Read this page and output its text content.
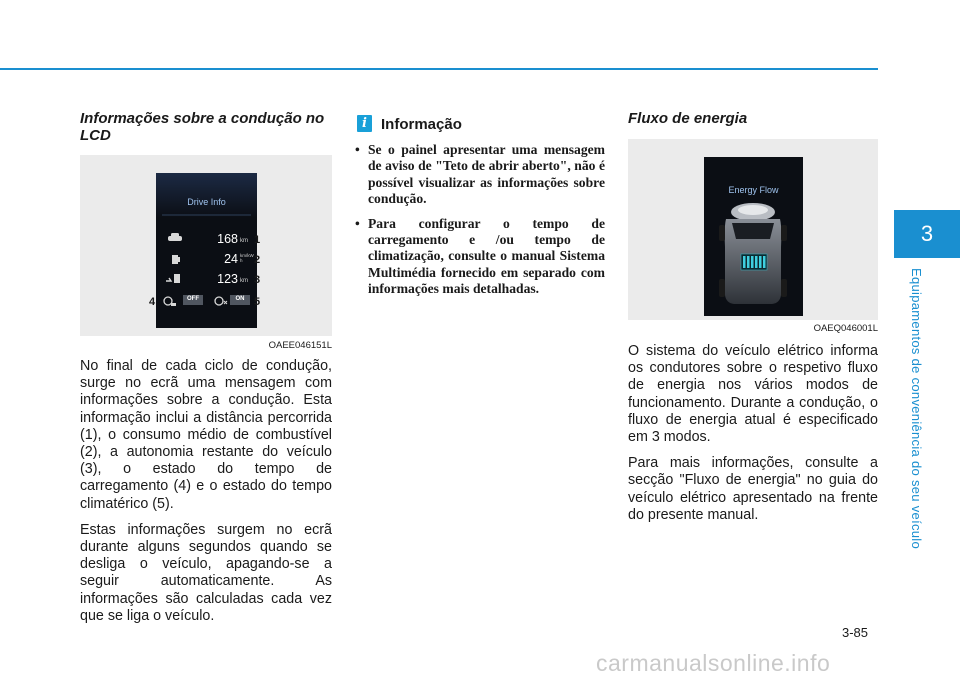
Informações sobre a condução no LCD
Drive Info
168 km
24 km/kWh
123 km
OFF	ON
1
2
3
4	5
OAEE046151L

No final de cada ciclo de condução, surge no ecrã uma mensagem com informações sobre a condução. Esta informação inclui a distância percorrida (1), o consumo médio de combustível (2), a autonomia restante do veículo (3), o estado do tempo de carregamento (4) e o estado do tempo climatérico (5).

Estas informações surgem no ecrã durante alguns segundos quando se desliga o veículo, apagando-se a seguir automaticamente. As informações são calculadas cada vez que se liga o veículo.

i Informação
• Se o painel apresentar uma mensagem de aviso de "Teto de abrir aberto", não é possível visualizar as informações sobre condução.
• Para configurar o tempo de carregamento e /ou tempo de climatização, consulte o manual Sistema Multimédia fornecido em separado com informações mais detalhadas.
Fluxo de energia
Energy Flow
OAEQ046001L

O sistema do veículo elétrico informa os condutores sobre o respetivo fluxo de energia nos vários modos de funcionamento. Durante a condução, o fluxo de energia atual é especificado em 3 modos.

Para mais informações, consulte a secção "Fluxo de energia" no guia do veículo elétrico apresentado na frente do presente manual.

3
Equipamentos de conveniência do seu veículo
3-85
carmanualsonline.info
